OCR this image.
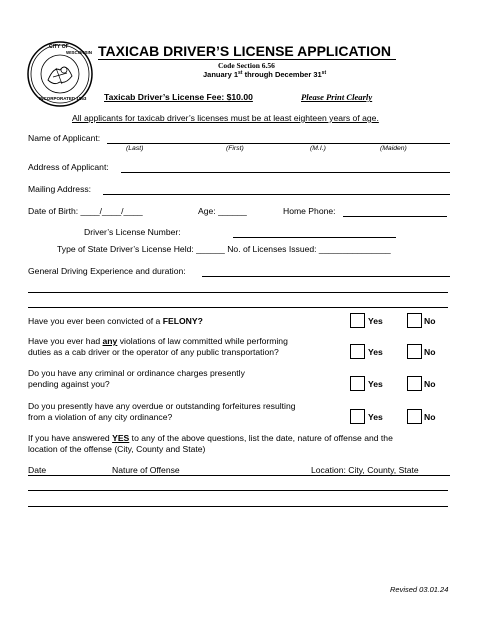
CITY OF
WISCONSIN
INCORPORATED 1853
TAXICAB DRIVER’S LICENSE APPLICATION
Code Section 6.56
January 1st through December 31st
Taxicab Driver’s License Fee: $10.00	Please Print Clearly
All applicants for taxicab driver’s licenses must be at least eighteen years of age.
Name of Applicant:
(Last)	(First)	(M.I.)	(Maiden)
Address of Applicant:
Mailing Address:
Date of Birth: ____/____/____	Age: ______	Home Phone:
Driver’s License Number:
Type of State Driver’s License Held: ______ No. of Licenses Issued: _______________
General Driving Experience and duration:
Have you ever been convicted of a FELONY?	Yes	No
Have you ever had any violations of law committed while performing
duties as a cab driver or the operator of any public transportation?	Yes	No
Do you have any criminal or ordinance charges presently
pending against you?	Yes	No
Do you presently have any overdue or outstanding forfeitures resulting
from a violation of any city ordinance?	Yes	No
If you have answered YES to any of the above questions, list the date, nature of offense and the
location of the offense (City, County and State)
Date	Nature of Offense	Location: City, County, State
Revised 03.01.24
